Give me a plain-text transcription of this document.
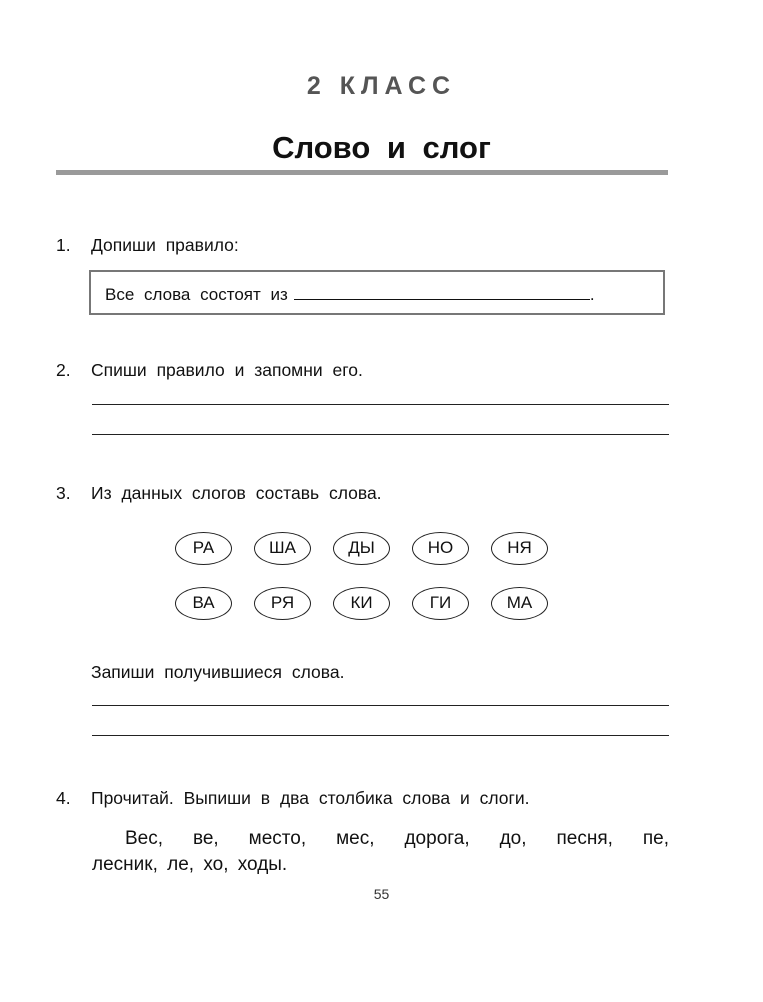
2 КЛАСС
Слово и слог
1. Допиши правило:
Все слова состоят из	.
2. Спиши правило и запомни его.
3. Из данных слогов составь слова.
РА	ША	ДЫ	НО	НЯ
ВА	РЯ	КИ	ГИ	МА
Запиши получившиеся слова.
4. Прочитай. Выпиши в два столбика слова и слоги.
Вес, ве, место, мес, дорога, до, песня, пе,
лесник, ле, хо, ходы.
55
